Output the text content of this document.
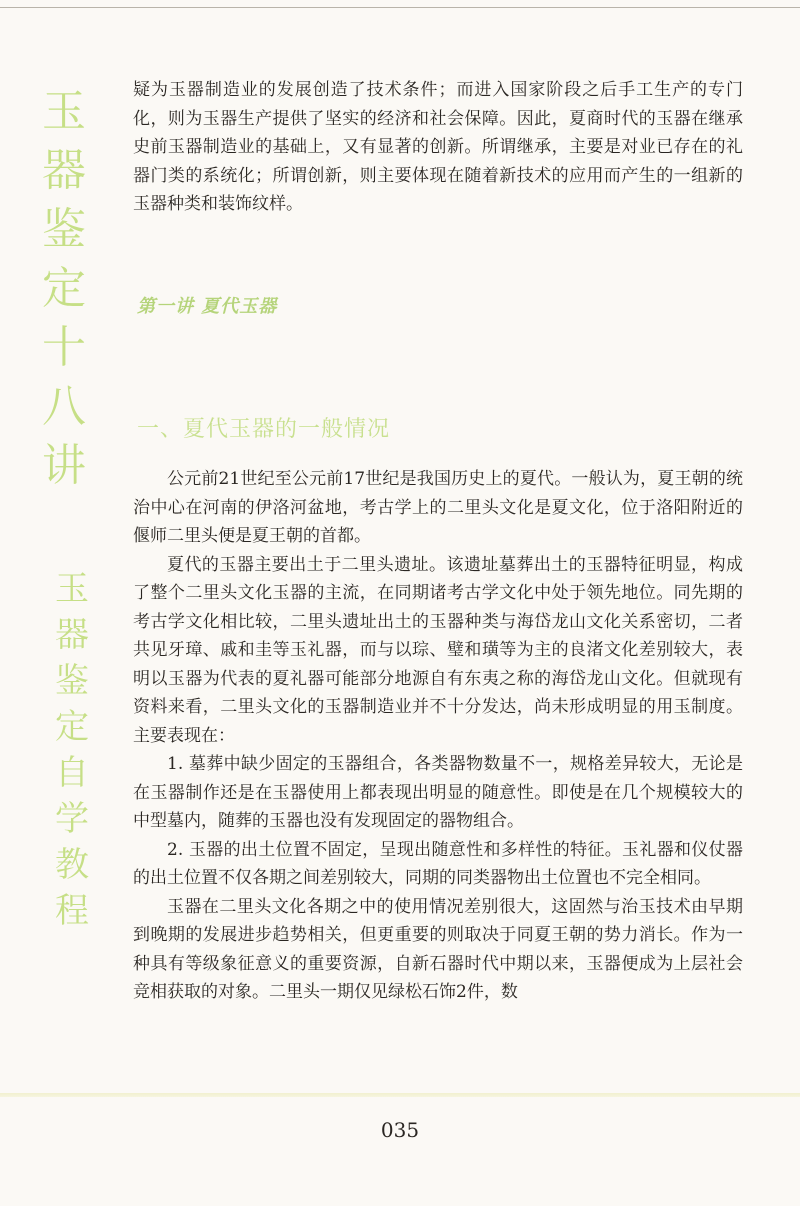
玉
器
鉴
定
十
八
讲
玉
器
鉴
定
自
学
教
程

疑为玉器制造业的发展创造了技术条件；而进入国家阶段之后手工生产的专门化，则为玉器生产提供了坚实的经济和社会保障。因此，夏商时代的玉器在继承史前玉器制造业的基础上，又有显著的创新。所谓继承，主要是对业已存在的礼器门类的系统化；所谓创新，则主要体现在随着新技术的应用而产生的一组新的玉器种类和装饰纹样。

第一讲 夏代玉器
一、夏代玉器的一般情况

公元前21世纪至公元前17世纪是我国历史上的夏代。一般认为，夏王朝的统治中心在河南的伊洛河盆地，考古学上的二里头文化是夏文化，位于洛阳附近的偃师二里头便是夏王朝的首都。

夏代的玉器主要出土于二里头遗址。该遗址墓葬出土的玉器特征明显，构成了整个二里头文化玉器的主流，在同期诸考古学文化中处于领先地位。同先期的考古学文化相比较，二里头遗址出土的玉器种类与海岱龙山文化关系密切，二者共见牙璋、戚和圭等玉礼器，而与以琮、璧和璜等为主的良渚文化差别较大，表明以玉器为代表的夏礼器可能部分地源自有东夷之称的海岱龙山文化。但就现有资料来看，二里头文化的玉器制造业并不十分发达，尚未形成明显的用玉制度。主要表现在：

1. 墓葬中缺少固定的玉器组合，各类器物数量不一，规格差异较大，无论是在玉器制作还是在玉器使用上都表现出明显的随意性。即使是在几个规模较大的中型墓内，随葬的玉器也没有发现固定的器物组合。

2. 玉器的出土位置不固定，呈现出随意性和多样性的特征。玉礼器和仪仗器的出土位置不仅各期之间差别较大，同期的同类器物出土位置也不完全相同。

玉器在二里头文化各期之中的使用情况差别很大，这固然与治玉技术由早期到晚期的发展进步趋势相关，但更重要的则取决于同夏王朝的势力消长。作为一种具有等级象征意义的重要资源，自新石器时代中期以来，玉器便成为上层社会竞相获取的对象。二里头一期仅见绿松石饰2件，数

035
